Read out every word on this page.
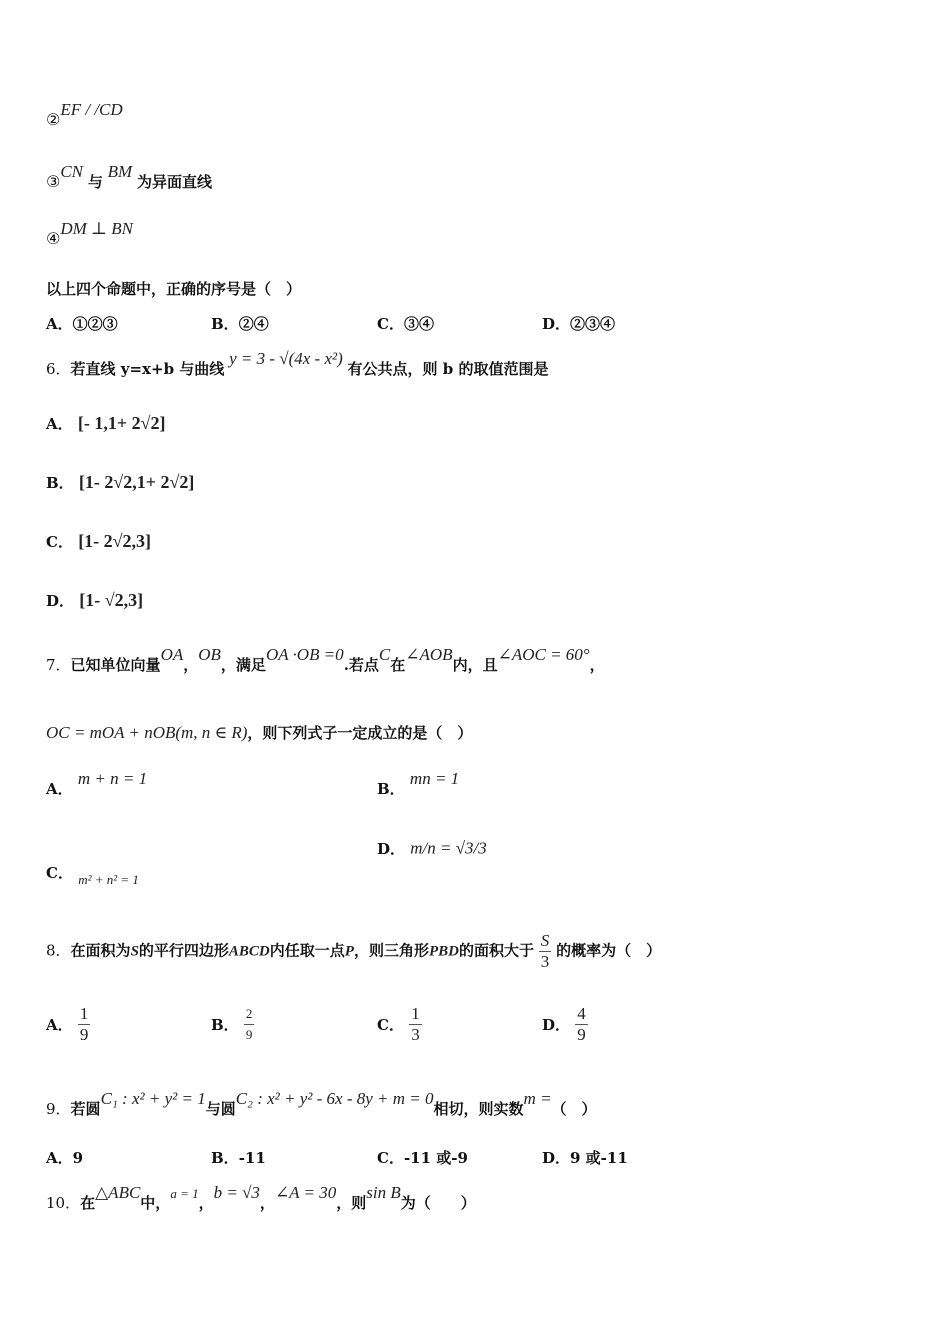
②EF / /CD
③CN 与 BM 为异面直线
④DM ⊥ BN
以上四个命题中，正确的序号是（　）
A．①②③	B．②④	C．③④	D．②③④
6．若直线 y=x+b 与曲线 y = 3 - √(4x - x²) 有公共点，则 b 的取值范围是
A． [- 1,1+ 2√2]
B． [1- 2√2,1+ 2√2]
C． [1- 2√2,3]
D． [1- √2,3]
7．已知单位向量OA，OB，满足OA ·OB =0.若点C在∠AOB内，且∠AOC = 60°，
OC = mOA + nOB(m, n ∈ R)，则下列式子一定成立的是（　）
A． m + n = 1
B． mn = 1
C． m² + n² = 1
D． m/n = √3/3
8．在面积为S的平行四边形ABCD内任取一点P，则三角形PBD的面积大于 $\frac{S}{3}$ 的概率为（　）
A． $\frac{1}{9}$	B． $\frac{2}{9}$	C． $\frac{1}{3}$	D． $\frac{4}{9}$
9．若圆C₁ : x² + y² = 1与圆C₂ : x² + y² - 6x - 8y + m = 0相切，则实数m =（　）
A．9	B．-11	C．-11 或-9	D．9 或-11
10．在△ABC中，a = 1，b = √3，∠A = 30，则sin B为（　　）
